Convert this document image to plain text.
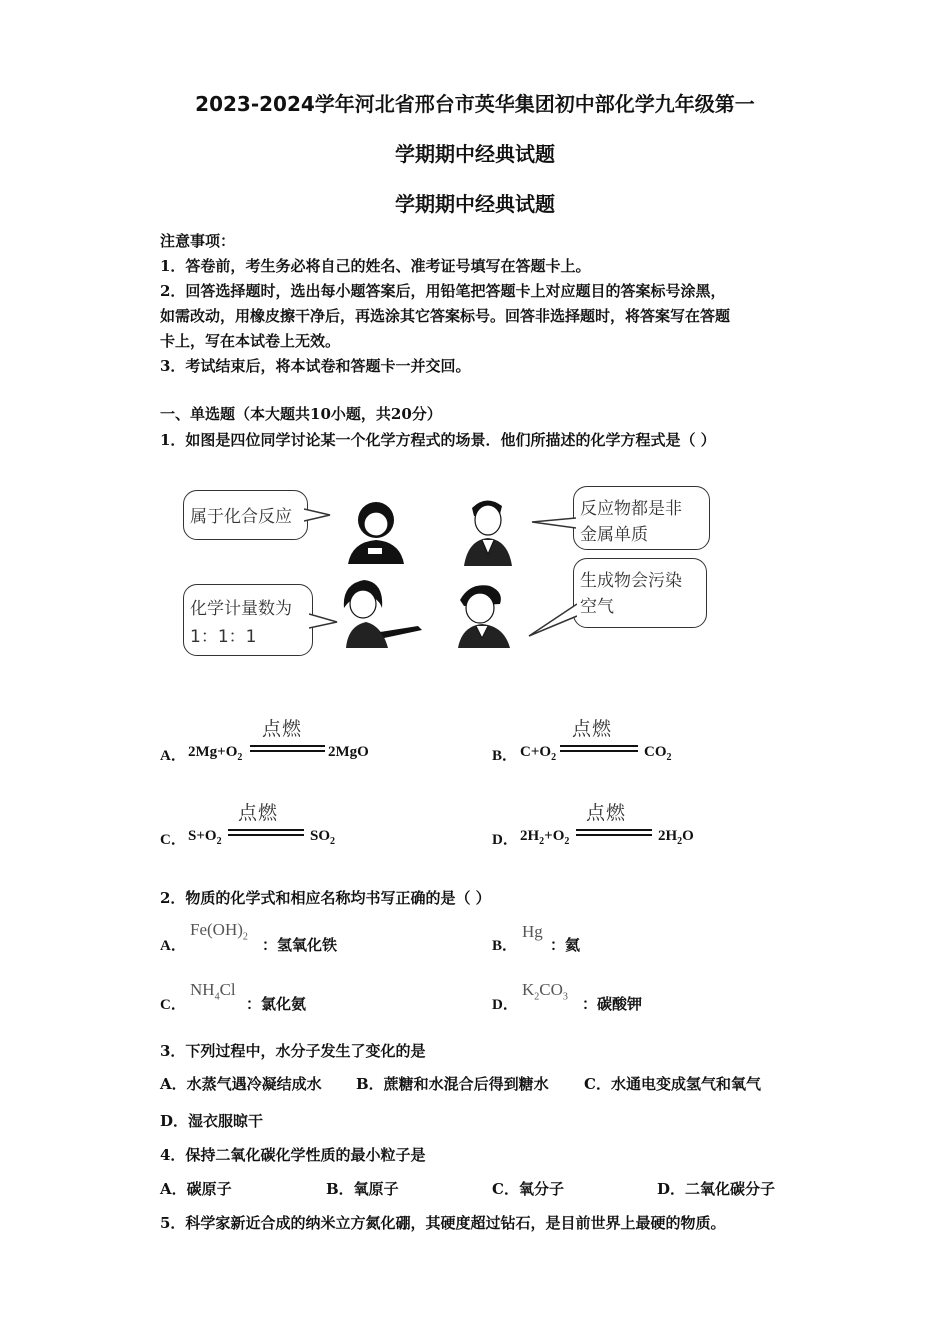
2023-2024学年河北省邢台市英华集团初中部化学九年级第一
学期期中经典试题
学期期中经典试题
注意事项：
1．答卷前，考生务必将自己的姓名、准考证号填写在答题卡上。
2．回答选择题时，选出每小题答案后，用铅笔把答题卡上对应题目的答案标号涂黑，
如需改动，用橡皮擦干净后，再选涂其它答案标号。回答非选择题时，将答案写在答题
卡上，写在本试卷上无效。
3．考试结束后，将本试卷和答题卡一并交回。
一、单选题（本大题共10小题，共20分）
1．如图是四位同学讨论某一个化学方程式的场景．他们所描述的化学方程式是（ ）
属于化合反应	反应物都是非
金属单质
化学计量数为
1：1：1
生成物会污染
空气
A． $2Mg+O_2$
点燃
2MgO	B． $C+O_2$
点燃
$CO_2$
C． $S+O_2$
点燃
$SO_2$	D． $2H_2+O_2$
点燃
$2H_2O$
2．物质的化学式和相应名称均书写正确的是（ ）
A．
$Fe(OH)_2$ ：氢氧化铁	B．
Hg
：氦
C．
$NH_4Cl$
：氯化氨	D．
$K_2CO_3$ ：碳酸钾
3．下列过程中，水分子发生了变化的是
A．水蒸气遇冷凝结成水 B．蔗糖和水混合后得到糖水 C．水通电变成氢气和氧气
D．湿衣服晾干
4．保持二氧化碳化学性质的最小粒子是
A．碳原子	B．氧原子	C．氧分子	D．二氧化碳分子
5．科学家新近合成的纳米立方氮化硼，其硬度超过钻石，是目前世界上最硬的物质。
